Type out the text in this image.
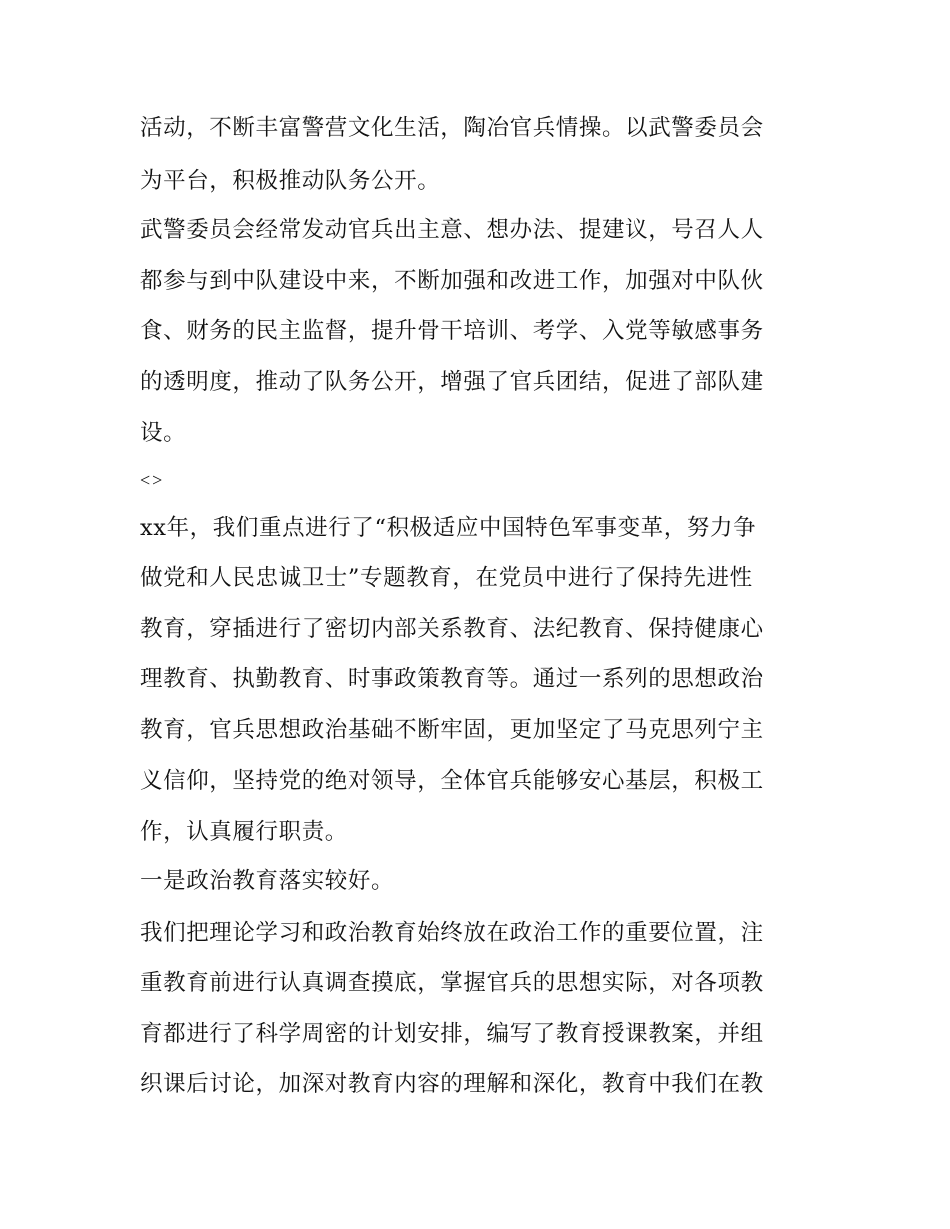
活动，不断丰富警营文化生活，陶冶官兵情操。以武警委员会
为平台，积极推动队务公开。
武警委员会经常发动官兵出主意、想办法、提建议，号召人人
都参与到中队建设中来，不断加强和改进工作，加强对中队伙
食、财务的民主监督，提升骨干培训、考学、入党等敏感事务
的透明度，推动了队务公开，增强了官兵团结，促进了部队建
设。
<>
xx年，我们重点进行了“积极适应中国特色军事变革，努力争
做党和人民忠诚卫士”专题教育，在党员中进行了保持先进性
教育，穿插进行了密切内部关系教育、法纪教育、保持健康心
理教育、执勤教育、时事政策教育等。通过一系列的思想政治
教育，官兵思想政治基础不断牢固，更加坚定了马克思列宁主
义信仰，坚持党的绝对领导，全体官兵能够安心基层，积极工
作，认真履行职责。
一是政治教育落实较好。
我们把理论学习和政治教育始终放在政治工作的重要位置，注
重教育前进行认真调查摸底，掌握官兵的思想实际，对各项教
育都进行了科学周密的计划安排，编写了教育授课教案，并组
织课后讨论，加深对教育内容的理解和深化，教育中我们在教
